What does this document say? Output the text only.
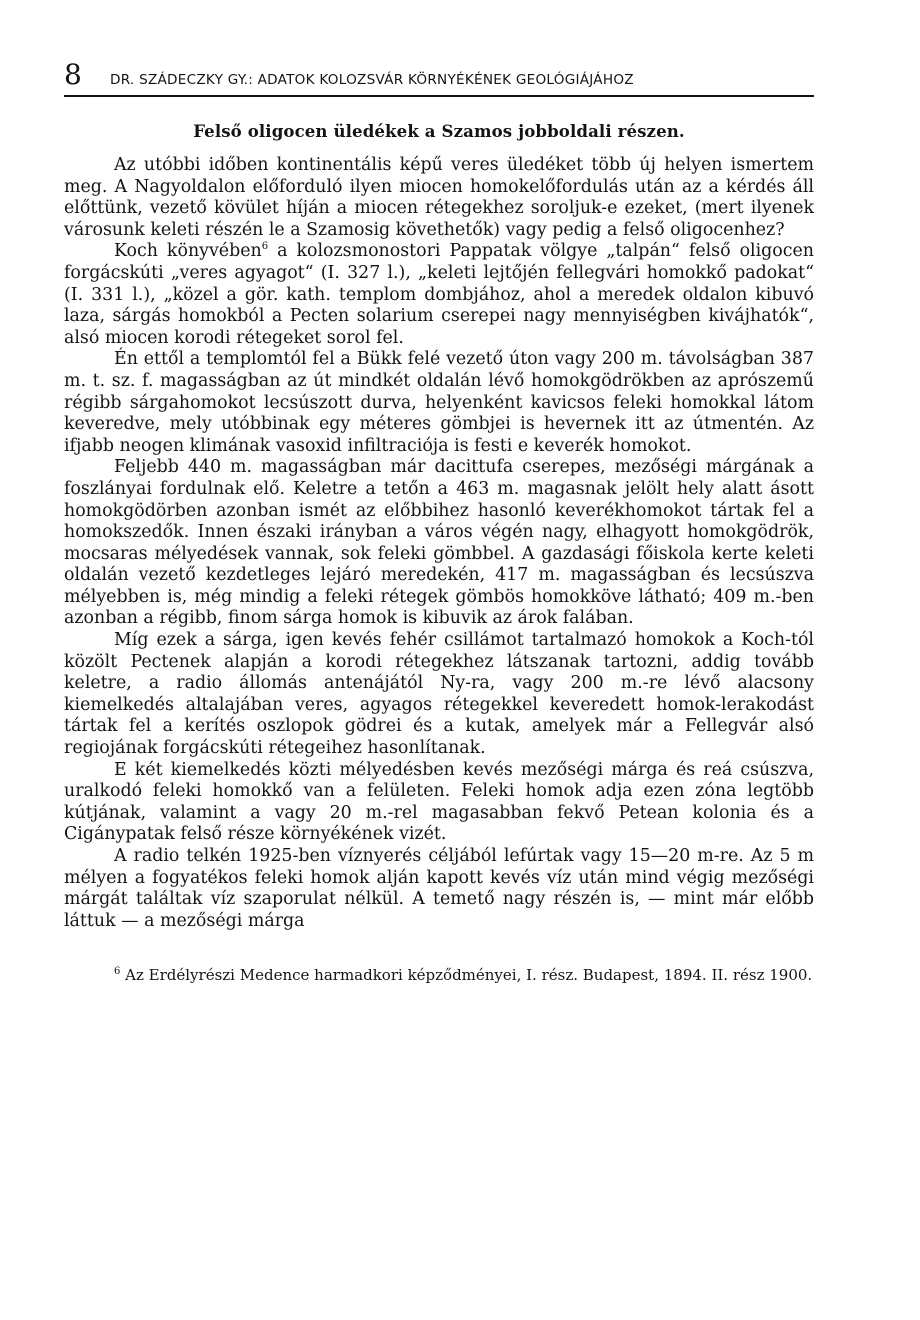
8	DR. SZÁDECZKY GY.: ADATOK KOLOZSVÁR KÖRNYÉKÉNEK GEOLÓGIÁJÁHOZ
Felső oligocen üledékek a Szamos jobboldali részen.

Az utóbbi időben kontinentális képű veres üledéket több új helyen ismertem meg. A Nagyoldalon előforduló ilyen miocen homokelőfordulás után az a kérdés áll előttünk, vezető kövület híján a miocen rétegekhez soroljuk-e ezeket, (mert ilyenek városunk keleti részén le a Szamosig követhetők) vagy pedig a felső oligocenhez?

Koch könyvében$^6$ a kolozsmonostori Pappatak völgye „talpán“ felső oligocen forgácskúti „veres agyagot“ (I. 327 l.), „keleti lejtőjén fellegvári homokkő padokat“ (I. 331 l.), „közel a gör. kath. templom dombjához, ahol a meredek oldalon kibuvó laza, sárgás homokból a Pecten solarium cserepei nagy mennyiségben kivájhatók“, alsó miocen korodi rétegeket sorol fel.

Én ettől a templomtól fel a Bükk felé vezető úton vagy 200 m. távolságban 387 m. t. sz. f. magasságban az út mindkét oldalán lévő homokgödrökben az aprószemű régibb sárgahomokot lecsúszott durva, helyenként kavicsos feleki homokkal látom keveredve, mely utóbbinak egy méteres gömbjei is hevernek itt az útmentén. Az ifjabb neogen klimának vasoxid infiltraciója is festi e keverék homokot.

Feljebb 440 m. magasságban már dacittufa cserepes, mezőségi márgának a foszlányai fordulnak elő. Keletre a tetőn a 463 m. magasnak jelölt hely alatt ásott homokgödörben azonban ismét az előbbihez hasonló keverékhomokot tártak fel a homokszedők. Innen északi irányban a város végén nagy, elhagyott homokgödrök, mocsaras mélyedések vannak, sok feleki gömbbel. A gazdasági főiskola kerte keleti oldalán vezető kezdetleges lejáró meredekén, 417 m. magasságban és lecsúszva mélyebben is, még mindig a feleki rétegek gömbös homokköve látható; 409 m.-ben azonban a régibb, finom sárga homok is kibuvik az árok falában.

Míg ezek a sárga, igen kevés fehér csillámot tartalmazó homokok a Koch-tól közölt Pectenek alapján a korodi rétegekhez látszanak tartozni, addig tovább keletre, a radio állomás antenájától Ny-ra, vagy 200 m.-re lévő alacsony kiemelkedés altalajában veres, agyagos rétegekkel keveredett homok-lerakodást tártak fel a kerítés oszlopok gödrei és a kutak, amelyek már a Fellegvár alsó regiojának forgácskúti rétegeihez hasonlítanak.

E két kiemelkedés közti mélyedésben kevés mezőségi márga és reá csúszva, uralkodó feleki homokkő van a felületen. Feleki homok adja ezen zóna legtöbb kútjának, valamint a vagy 20 m.-rel magasabban fekvő Petean kolonia és a Cigánypatak felső része környékének vizét.

A radio telkén 1925-ben víznyerés céljából lefúrtak vagy 15—20 m-re. Az 5 m mélyen a fogyatékos feleki homok alján kapott kevés víz után mind végig mezőségi márgát találtak víz szaporulat nélkül. A temető nagy részén is, — mint már előbb láttuk — a mezőségi márga

$^6$ Az Erdélyrészi Medence harmadkori képződményei, I. rész. Budapest, 1894. II. rész 1900.
